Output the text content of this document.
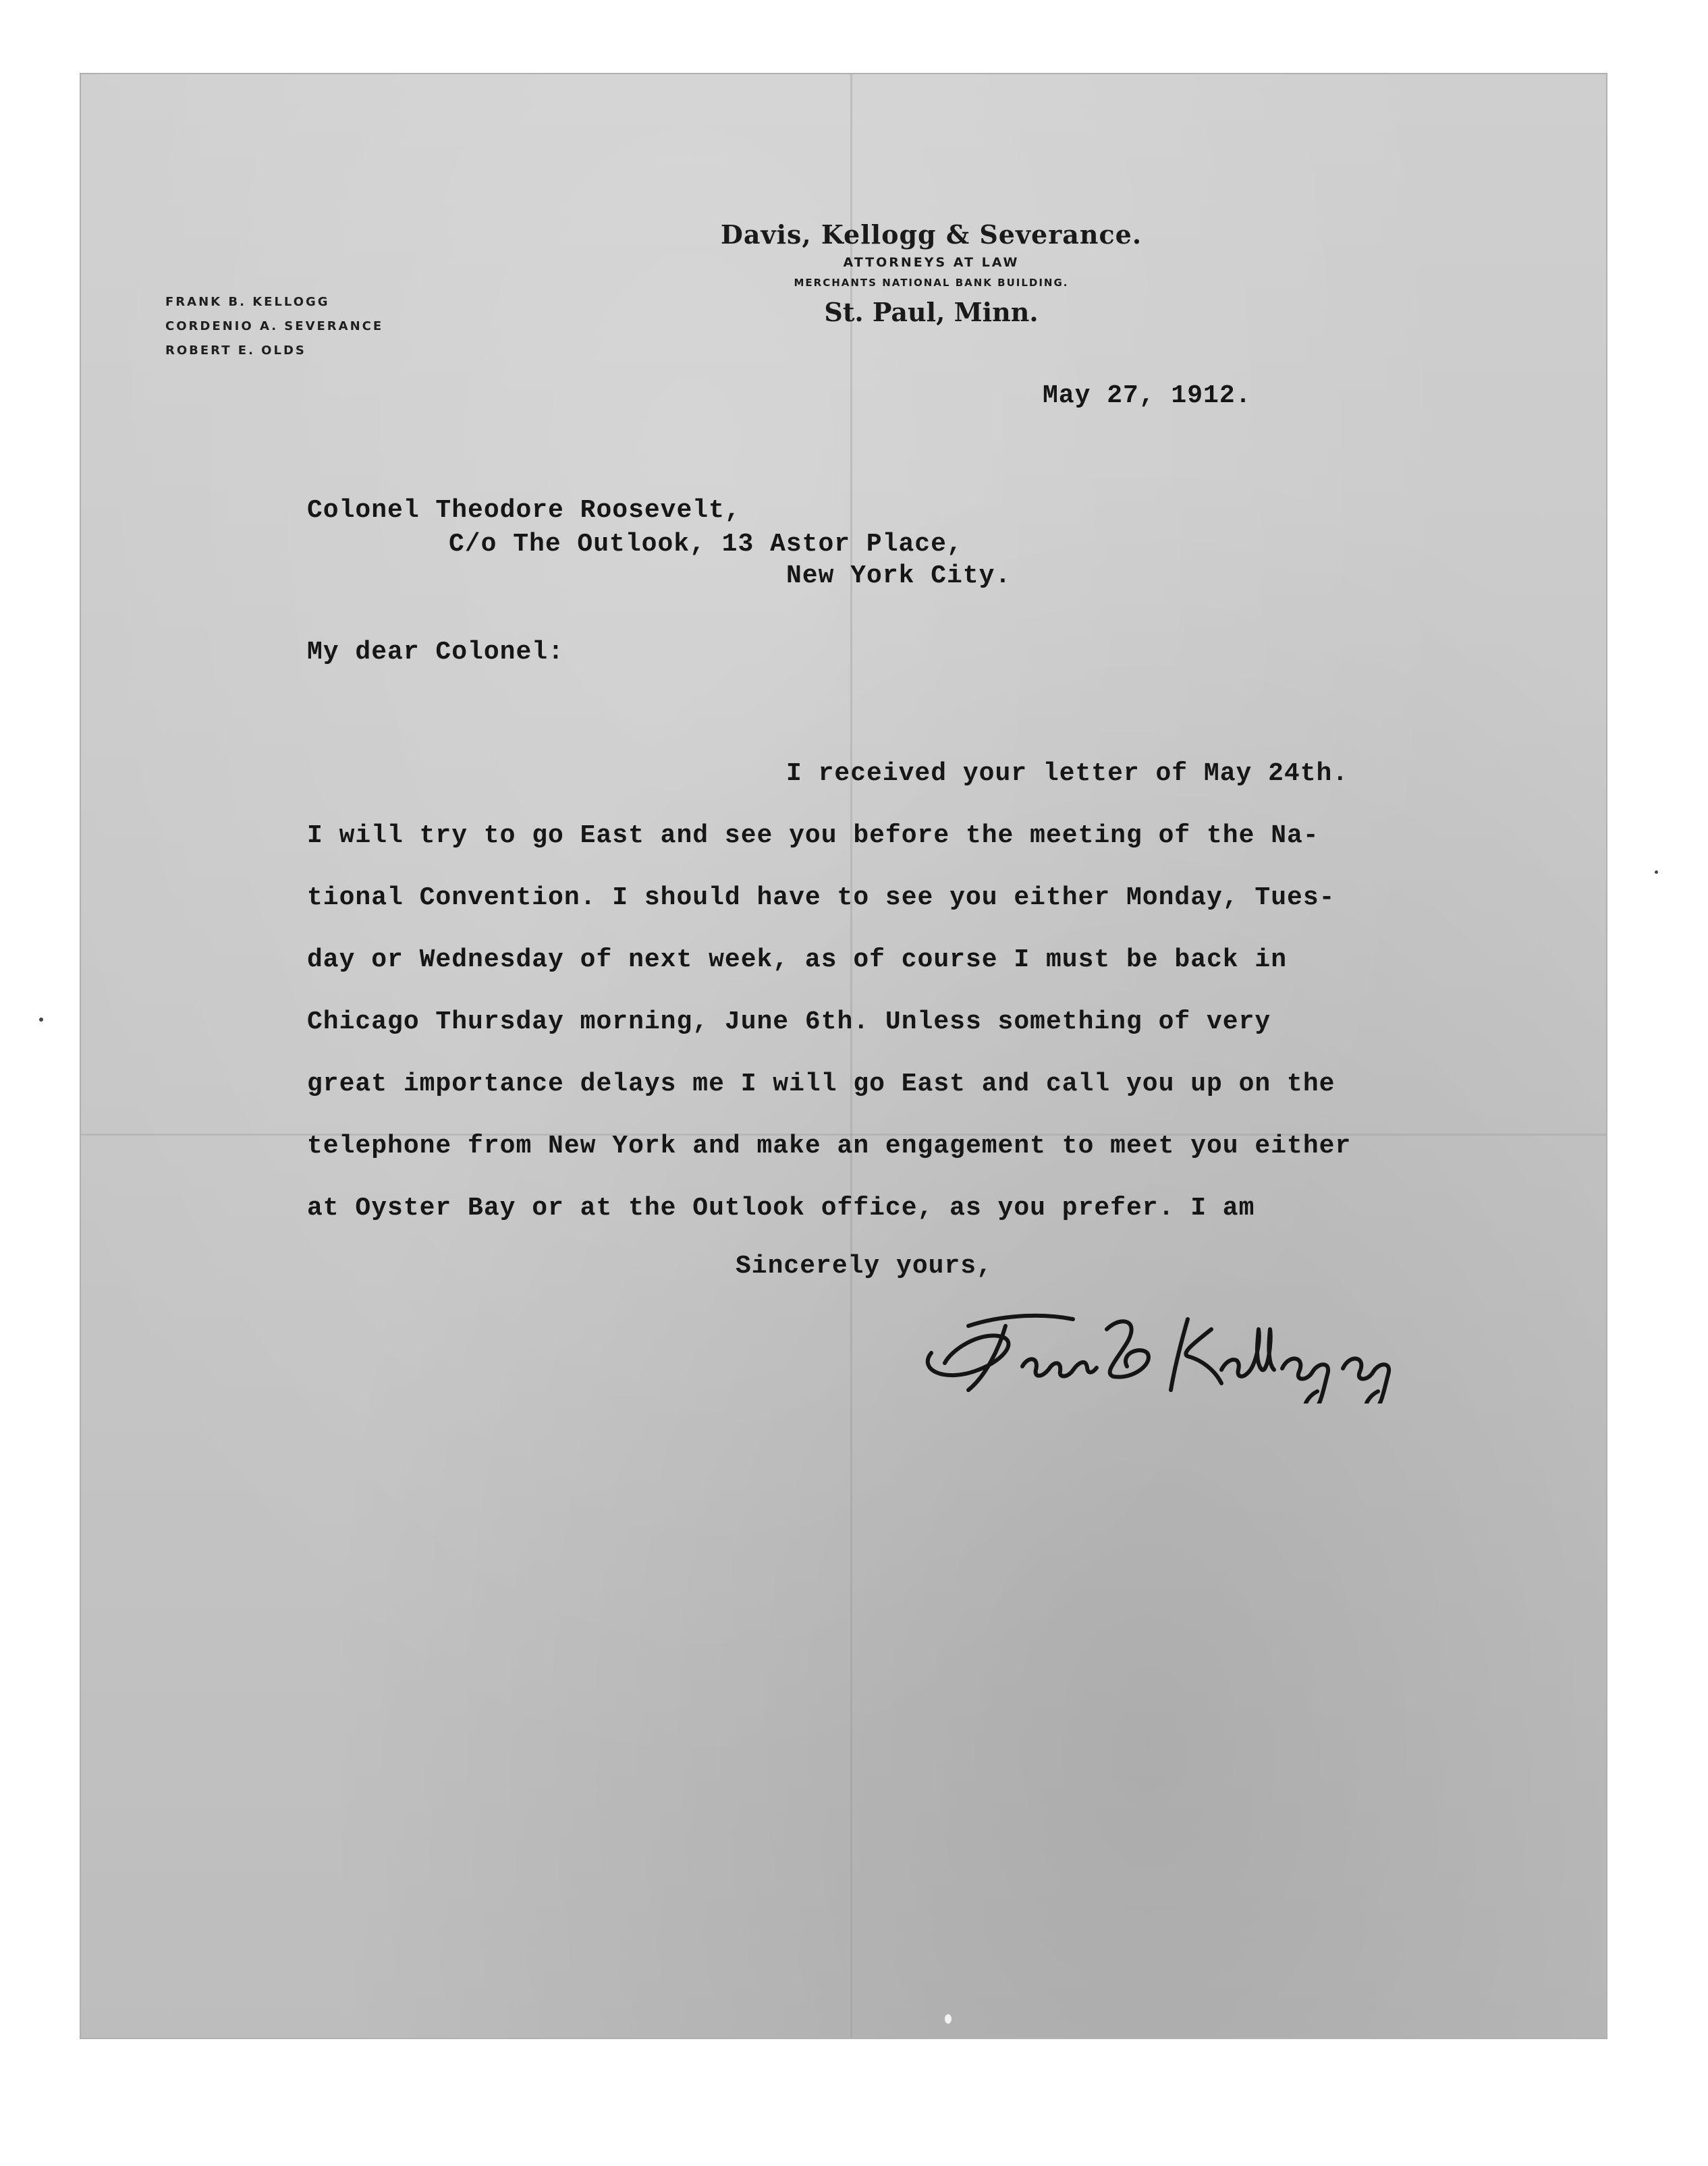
Davis, Kellogg & Severance.
ATTORNEYS AT LAW
MERCHANTS NATIONAL BANK BUILDING.
St. Paul, Minn.
FRANK B. KELLOGG
CORDENIO A. SEVERANCE
ROBERT E. OLDS
May 27, 1912.
Colonel Theodore Roosevelt,
C/o The Outlook, 13 Astor Place,
New York City.
My dear Colonel:
I received your letter of May 24th.
I will try to go East and see you before the meeting of the Na-
tional Convention. I should have to see you either Monday, Tues-
day or Wednesday of next week, as of course I must be back in
Chicago Thursday morning, June 6th. Unless something of very
great importance delays me I will go East and call you up on the
telephone from New York and make an engagement to meet you either
at Oyster Bay or at the Outlook office, as you prefer. I am
Sincerely yours,
